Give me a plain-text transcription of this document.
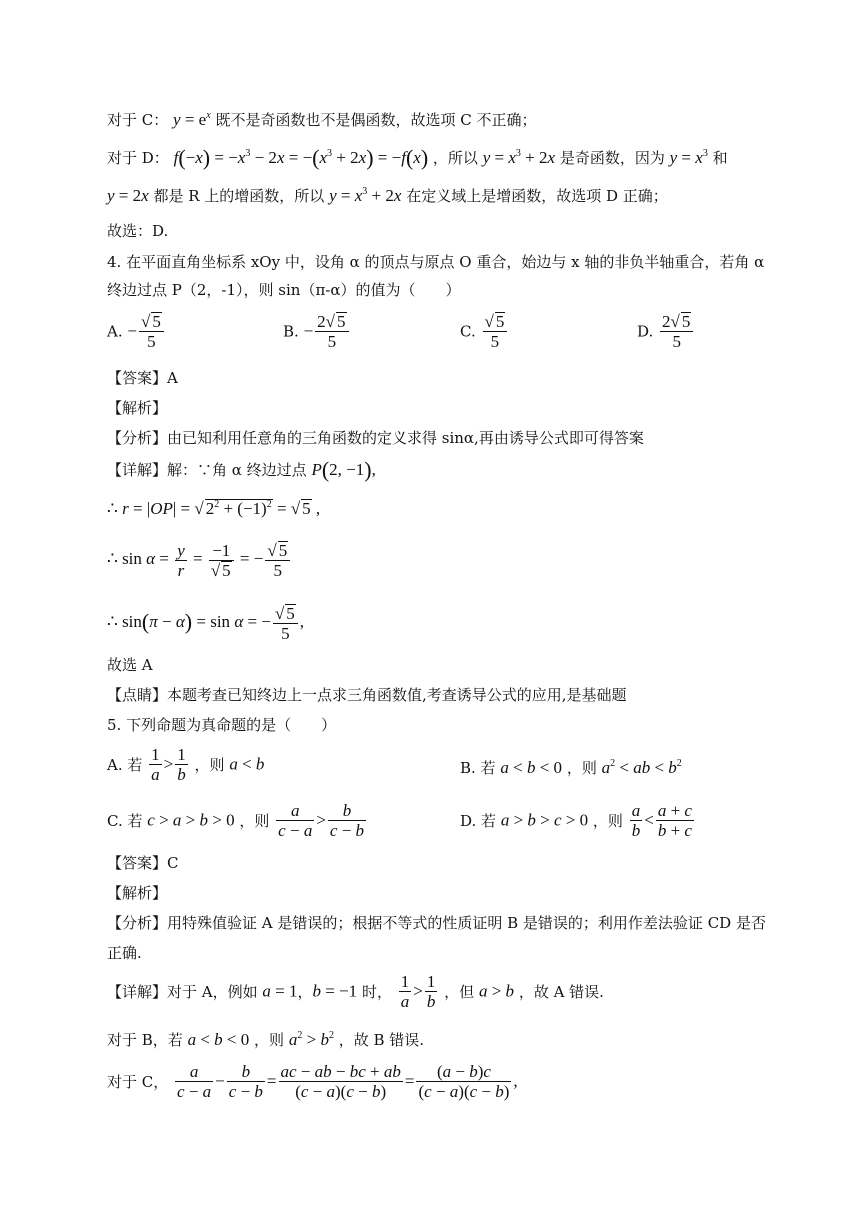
对于 C： $y = e^x$ 既不是奇函数也不是偶函数，故选项 C 不正确；
对于 D： $f(-x) = -x^3 - 2x = -(x^3 + 2x) = -f(x)$ ，所以 $y = x^3 + 2x$ 是奇函数，因为 $y = x^3$ 和
y = 2x 都是 R 上的增函数，所以 $y = x^3 + 2x$ 在定义域上是增函数，故选项 D 正确；
故选：D.
4. 在平面直角坐标系 xOy 中，设角 α 的顶点与原点 O 重合，始边与 x 轴的非负半轴重合，若角 α
终边过点 P（2，-1），则 sin（π-α）的值为（　　）
A. − $\frac{√ 5}{5}$	B. − $\frac{2√ 5}{5}$	C. $\frac{√ 5}{5}$	D. $\frac{2√ 5}{5}$
【答案】A
【解析】
【分析】由已知利用任意角的三角函数的定义求得 sinα,再由诱导公式即可得答案
【详解】解：∵角 α 终边过点 P(2, −1),
∴ r = |OP| = √ $2^2 + (-1)^2$ = √ 5 ,
∴ $\sin \alpha = \frac{y}{r} = \frac{-1}{√ 5}$ = − $\frac{√ 5}{5}$
∴ sin(π − α) = sin α = − $\frac{√ 5}{5}$ ,
故选 A
【点睛】本题考查已知终边上一点求三角函数值,考查诱导公式的应用,是基础题
5. 下列命题为真命题的是（　　）
A. 若 $\frac{1}{a} > \frac{1}{b}$ ，则 a < b	B. 若 a < b < 0 ，则 $a^2$ < ab < $b^2$
C. 若 c > a > b > 0 ，则 $\frac{a}{c - a} > \frac{b}{c - b}$	D. 若 a > b > c > 0 ，则 $\frac{a}{b} < \frac{a + c}{b + c}$
【答案】C
【解析】
【分析】用特殊值验证 A 是错误的；根据不等式的性质证明 B 是错误的；利用作差法验证 CD 是否
正确.
【详解】对于 A，例如 a = 1，b = −1 时， $\frac{1}{a} > \frac{1}{b}$ ，但 a > b ，故 A 错误.
对于 B，若 a < b < 0 ，则 $a^2 > b^2$ ，故 B 错误.
对于 C， $\frac{a}{c - a} - \frac{b}{c - b} = \frac{ac - ab - bc + ab}{(c - a)(c - b)} = \frac{(a - b)c}{(c - a)(c - b)}$ ,
